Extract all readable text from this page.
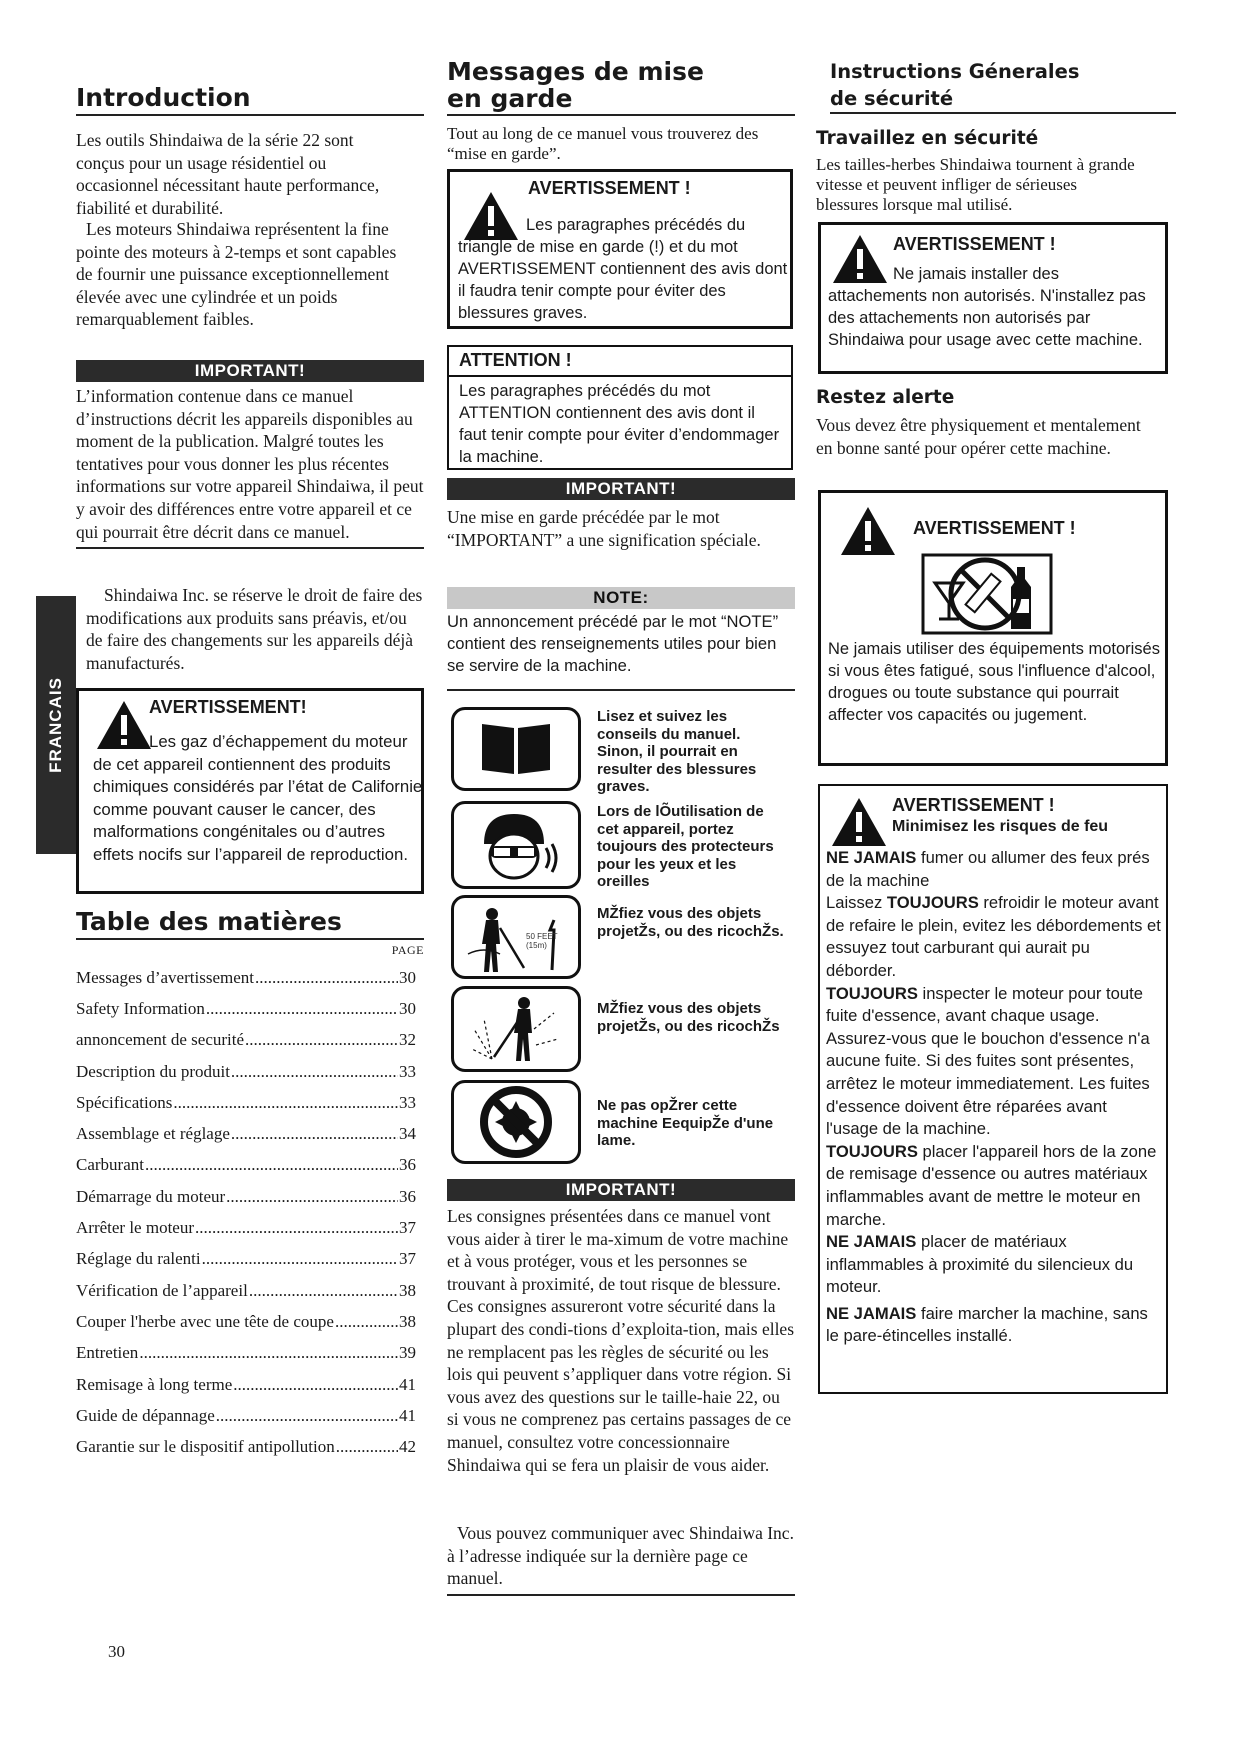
FRANCAIS
Introduction

Les outils Shindaiwa de la série 22 sont conçus pour un usage résidentiel ou occasionnel nécessitant haute performance, fiabilité et durabilité.

Les moteurs Shindaiwa représentent la fine pointe des moteurs à 2-temps et sont capables de fournir une puissance exceptionnellement élevée avec une cylindrée et un poids remarquablement faibles.

IMPORTANT!

L’information contenue dans ce manuel d’instructions décrit les appareils disponibles au moment de la publication. Malgré toutes les tentatives pour vous donner les plus récentes informations sur votre appareil Shindaiwa, il peut y avoir des différences entre votre appareil et ce qui pourrait être décrit dans ce manuel.

Shindaiwa Inc. se réserve le droit de faire des modifications aux produits sans préavis, et/ou de faire des changements sur les appareils déjà manufacturés.

AVERTISSEMENT!
Les gaz d’échappement du moteur de cet appareil contiennent des produits chimiques considérés par l’état de Californie comme pouvant causer le cancer, des malformations congénitales ou d’autres effets nocifs sur l’appareil de reproduction.
Table des matières
PAGE
Messages d’avertissement .....	30
Safety Information .....	30
annoncement de securité .....	32
Description du produit .....	33
Spécifications .....	33
Assemblage et réglage .....	34
Carburant .....	36
Démarrage du moteur .....	36
Arrêter le moteur .....	37
Réglage du ralenti .....	37
Vérification de l’appareil .....	38
Couper l'herbe avec une tête de coupe .....	38
Entretien .....	39
Remisage à long terme .....	41
Guide de dépannage .....	41
Garantie sur le dispositif antipollution .....	42
30
Messages de mise
en garde

Tout au long de ce manuel vous trouverez des “mise en garde”.

AVERTISSEMENT !
Les paragraphes précédés du triangle de mise en garde (!) et du mot AVERTISSEMENT contiennent des avis dont il faudra tenir compte pour éviter des blessures graves.
ATTENTION !
Les paragraphes précédés du mot ATTENTION contiennent des avis dont il faut tenir compte pour éviter d’endommager la machine.
IMPORTANT!

Une mise en garde précédée par le mot “IMPORTANT” a une signification spéciale.

NOTE:

Un annoncement précédé par le mot “NOTE” contient des renseignements utiles pour bien se servire de la machine.

Lisez et suivez les conseils du manuel. Sinon, il pourrait en resulter des blessures graves.
Lors de lÕutilisation de cet appareil, portez toujours des protecteurs pour les yeux et les oreilles
50 FEET (15m)
MŽfiez vous des objets projetŽs, ou des ricochŽs.
MŽfiez vous des objets projetŽs, ou des ricochŽs
Ne pas opŽrer cette machine EequipŽe d'une lame.
IMPORTANT!

Les consignes présentées dans ce manuel vont vous aider à tirer le ma-ximum de votre machine et à vous protéger, vous et les personnes se trouvant à proximité, de tout risque de blessure. Ces consignes assureront votre sécurité dans la plupart des condi-tions d’exploita-tion, mais elles ne remplacent pas les règles de sécurité ou les lois qui peuvent s’appliquer dans votre région. Si vous avez des questions sur le taille-haie 22, ou si vous ne comprenez pas certains passages de ce manuel, consultez votre concessionnaire Shindaiwa qui se fera un plaisir de vous aider.

Vous pouvez communiquer avec Shindaiwa Inc. à l’adresse indiquée sur la dernière page ce manuel.

Instructions Génerales
de sécurité
Travaillez en sécurité

Les tailles-herbes Shindaiwa tournent à grande vitesse et peuvent infliger de sérieuses blessures lorsque mal utilisé.

AVERTISSEMENT !
Ne jamais installer des attachements non autorisés. N'installez pas des attachements non autorisés par Shindaiwa pour usage avec cette machine.
Restez alerte

Vous devez être physiquement et mentalement en bonne santé pour opérer cette machine.

AVERTISSEMENT !
Ne jamais utiliser des équipements motorisés si vous êtes fatigué, sous l'influence d'alcool, drogues ou toute substance qui pourrait affecter vos capacités ou jugement.
AVERTISSEMENT !
Minimisez les risques de feu

NE JAMAIS fumer ou allumer des feux prés de la machine

Laissez TOUJOURS refroidir le moteur avant de refaire le plein, evitez les débordements et essuyez tout carburant qui aurait pu déborder.

TOUJOURS inspecter le moteur pour toute fuite d'essence, avant chaque usage. Assurez-vous que le bouchon d'essence n'a aucune fuite. Si des fuites sont présentes, arrêtez le moteur immediatement. Les fuites d'essence doivent être réparées avant l'usage de la machine.

TOUJOURS placer l'appareil hors de la zone de remisage d'essence ou autres matériaux inflammables avant de mettre le moteur en marche.

NE JAMAIS placer de matériaux inflammables à proximité du silencieux du moteur.

NE JAMAIS faire marcher la machine, sans le pare-étincelles installé.
